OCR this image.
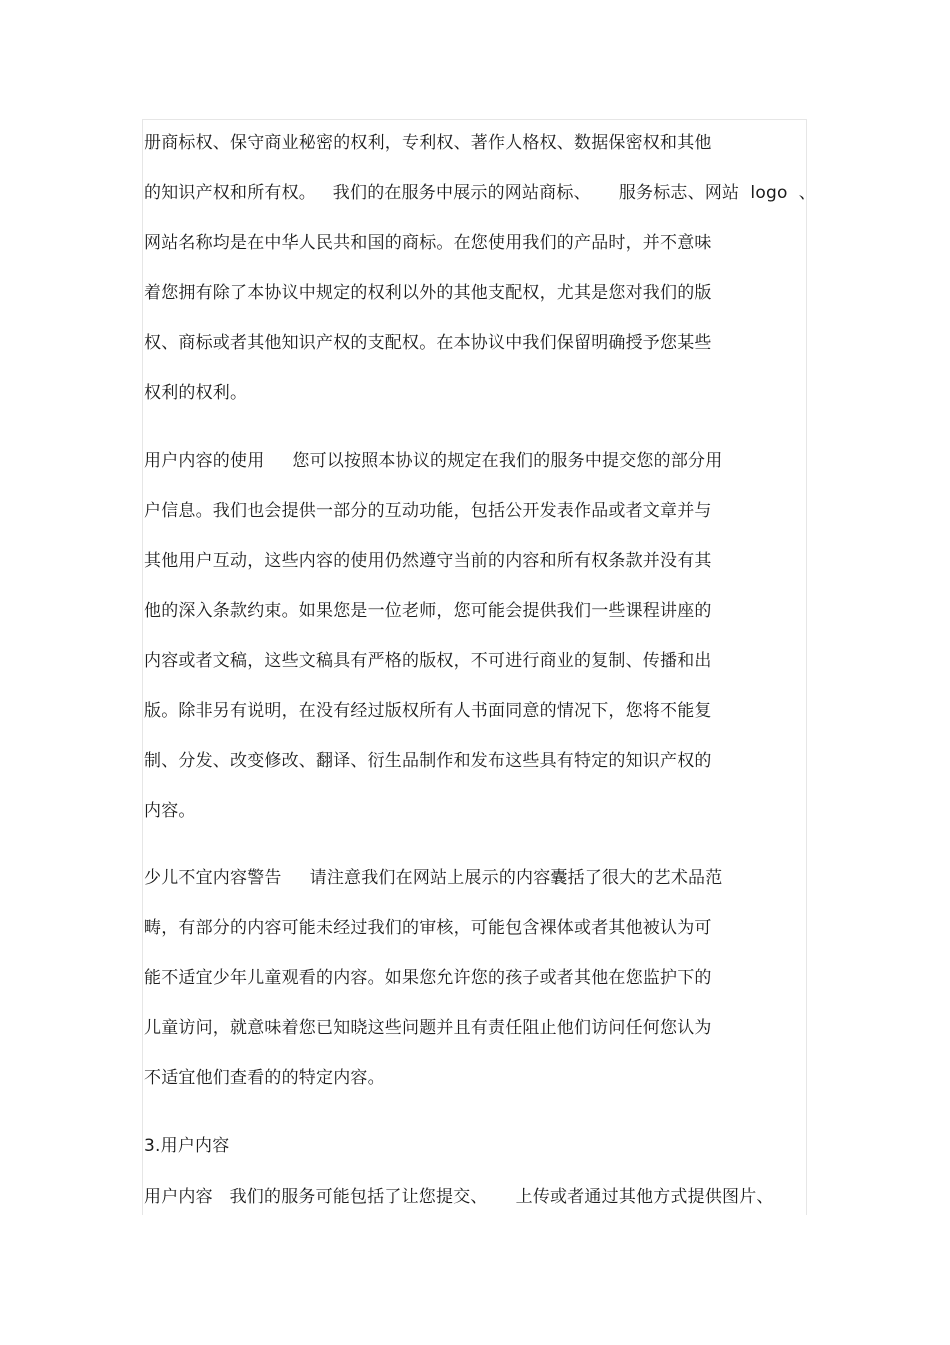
册商标权、保守商业秘密的权利，专利权、著作人格权、数据保密权和其他
的知识产权和所有权。   我们的在服务中展示的网站商标、     服务标志、网站  logo  、
网站名称均是在中华人民共和国的商标。在您使用我们的产品时，并不意味
着您拥有除了本协议中规定的权利以外的其他支配权，尤其是您对我们的版
权、商标或者其他知识产权的支配权。在本协议中我们保留明确授予您某些
权利的权利。
用户内容的使用     您可以按照本协议的规定在我们的服务中提交您的部分用
户信息。我们也会提供一部分的互动功能，包括公开发表作品或者文章并与
其他用户互动，这些内容的使用仍然遵守当前的内容和所有权条款并没有其
他的深入条款约束。如果您是一位老师，您可能会提供我们一些课程讲座的
内容或者文稿，这些文稿具有严格的版权，不可进行商业的复制、传播和出
版。除非另有说明，在没有经过版权所有人书面同意的情况下，您将不能复
制、分发、改变修改、翻译、衍生品制作和发布这些具有特定的知识产权的
内容。
少儿不宜内容警告     请注意我们在网站上展示的内容囊括了很大的艺术品范
畴，有部分的内容可能未经过我们的审核，可能包含裸体或者其他被认为可
能不适宜少年儿童观看的内容。如果您允许您的孩子或者其他在您监护下的
儿童访问，就意味着您已知晓这些问题并且有责任阻止他们访问任何您认为
不适宜他们查看的的特定内容。
3.用户内容
用户内容   我们的服务可能包括了让您提交、     上传或者通过其他方式提供图片、
